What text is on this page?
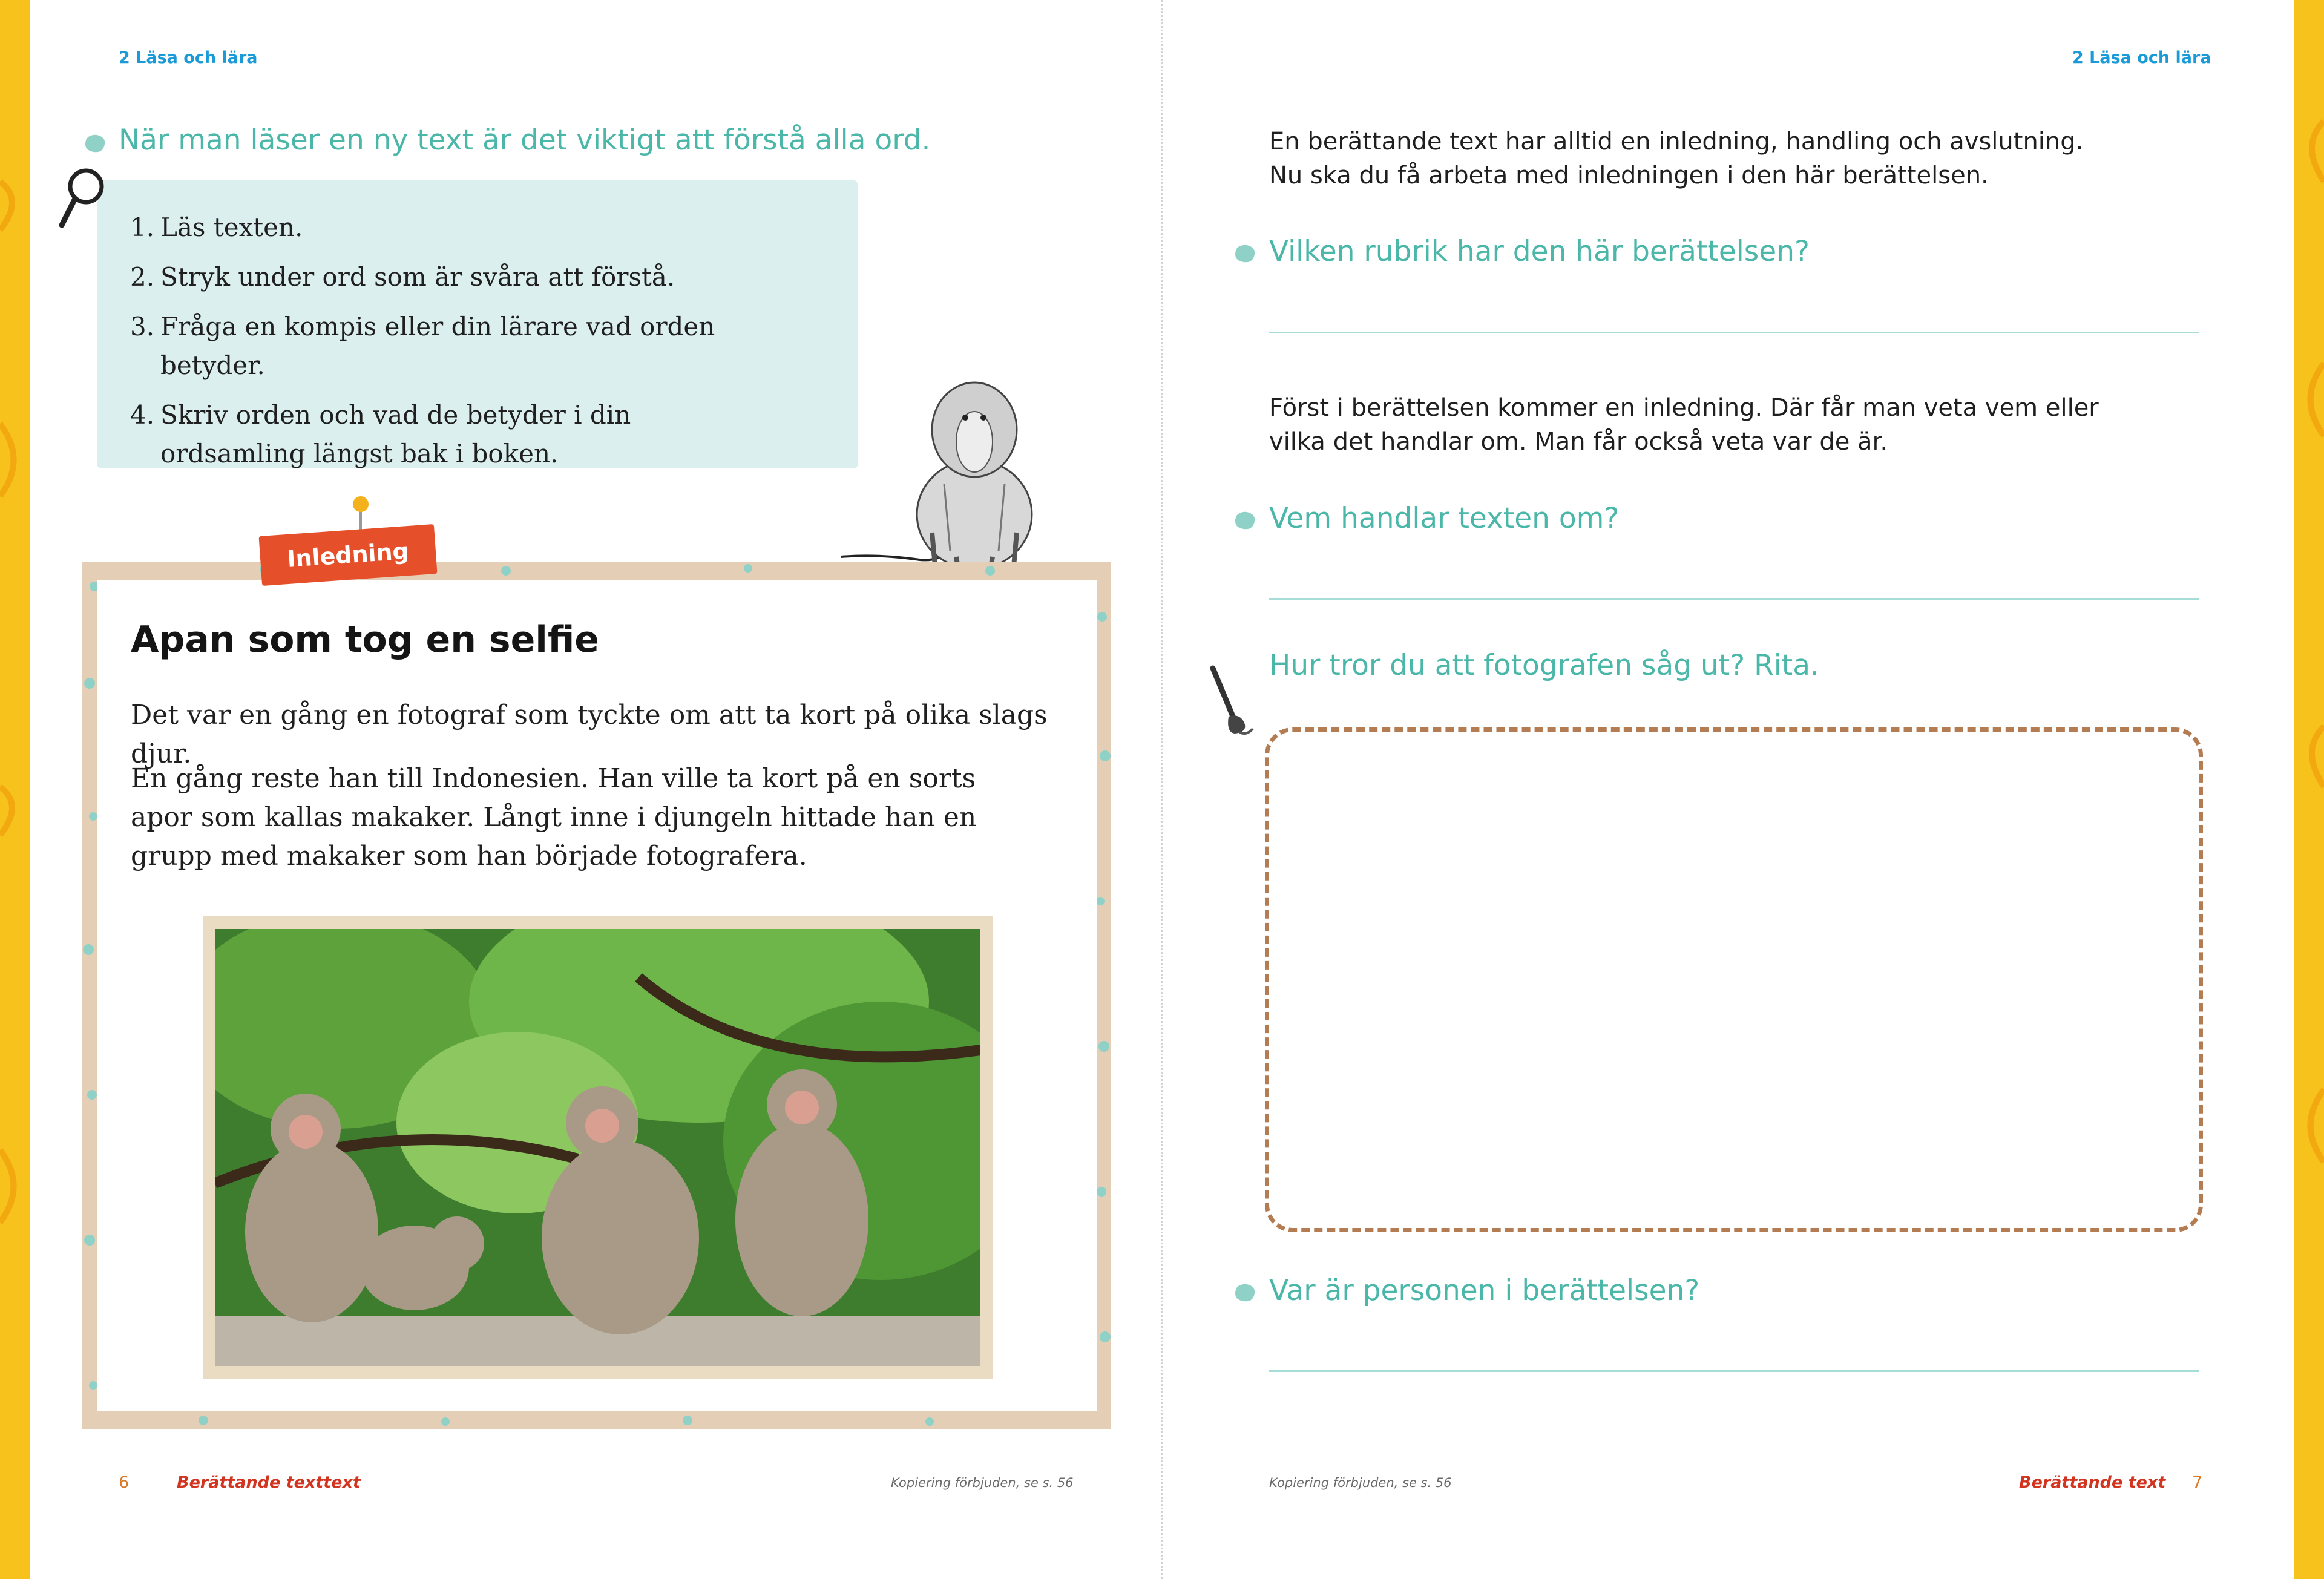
2 Läsa och lära
När man läser en ny text är det viktigt att förstå alla ord.
1. Läs texten.
2. Stryk under ord som är svåra att förstå.
3. Fråga en kompis eller din lärare vad orden betyder.
4. Skriv orden och vad de betyder i din ordsamling längst bak i boken.
Inledning
Apan som tog en selfie
Det var en gång en fotograf som tyckte om att ta kort på olika slags djur.
En gång reste han till Indonesien. Han ville ta kort på en sorts apor som kallas makaker. Långt inne i djungeln hittade han en grupp med makaker som han började fotografera.
6	Berättande texttext	Kopiering förbjuden, se s. 56
2 Läsa och lära
En berättande text har alltid en inledning, handling och avslutning.
Nu ska du få arbeta med inledningen i den här berättelsen.
Vilken rubrik har den här berättelsen?
Först i berättelsen kommer en inledning. Där får man veta vem eller
vilka det handlar om. Man får också veta var de är.
Vem handlar texten om?
Hur tror du att fotografen såg ut? Rita.
Var är personen i berättelsen?
Kopiering förbjuden, se s. 56	Berättande text 7
